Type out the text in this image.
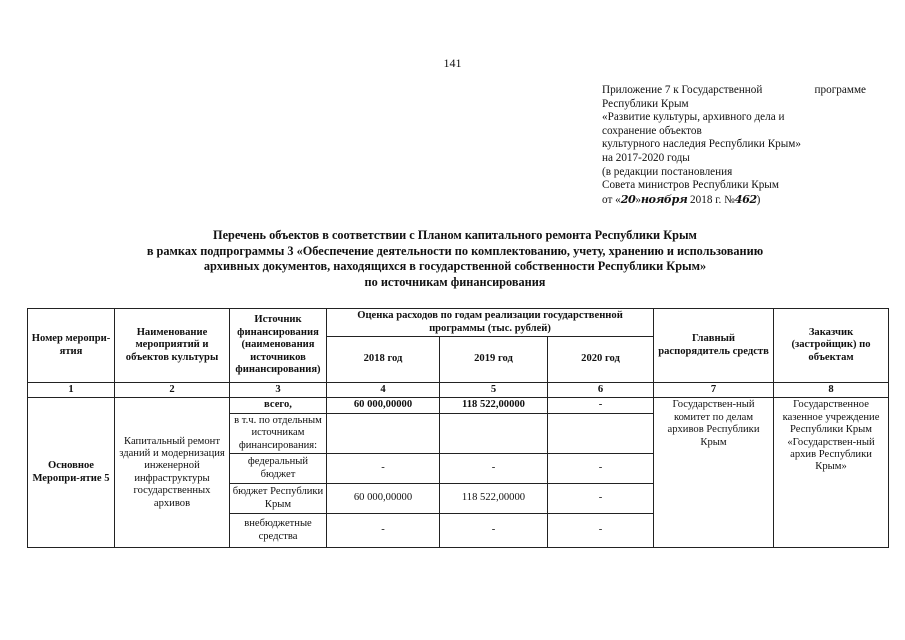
141
Приложение 7 к Государственной	программе
Республики Крым
«Развитие культуры, архивного дела и
сохранение объектов
культурного наследия Республики Крым»
на 2017-2020 годы
(в редакции постановления
Совета министров Республики Крым
от «20»ноября 2018 г. №462)
Перечень объектов в соответствии с Планом капитального ремонта Республики Крым
в рамках подпрограммы 3 «Обеспечение деятельности по комплектованию, учету, хранению и использованию
архивных документов, находящихся в государственной собственности Республики Крым»
по источникам финансирования
Номер меропри-ятия	Наименование мероприятий и объектов культуры	Источник финансирования (наименования источников финансирования)	Оценка расходов по годам реализации государственной программы (тыс. рублей)			Главный распорядитель средств	Заказчик (застройщик) по объектам
			2018 год	2019 год	2020 год		
1	2	3	4	5	6	7	8
Основное Меропри-ятие 5	Капитальный ремонт зданий и модернизация инженерной инфраструктуры государственных архивов	всего,	60 000,00000	118 522,00000	-	Государствен-ный комитет по делам архивов Республики Крым	Государственное казенное учреждение Республики Крым «Государствен-ный архив Республики Крым»
		в т.ч. по отдельным источникам финансирования:					
		федеральный бюджет	-	-	-		
		бюджет Республики Крым	60 000,00000	118 522,00000	-		
		внебюджетные средства	-	-	-		
